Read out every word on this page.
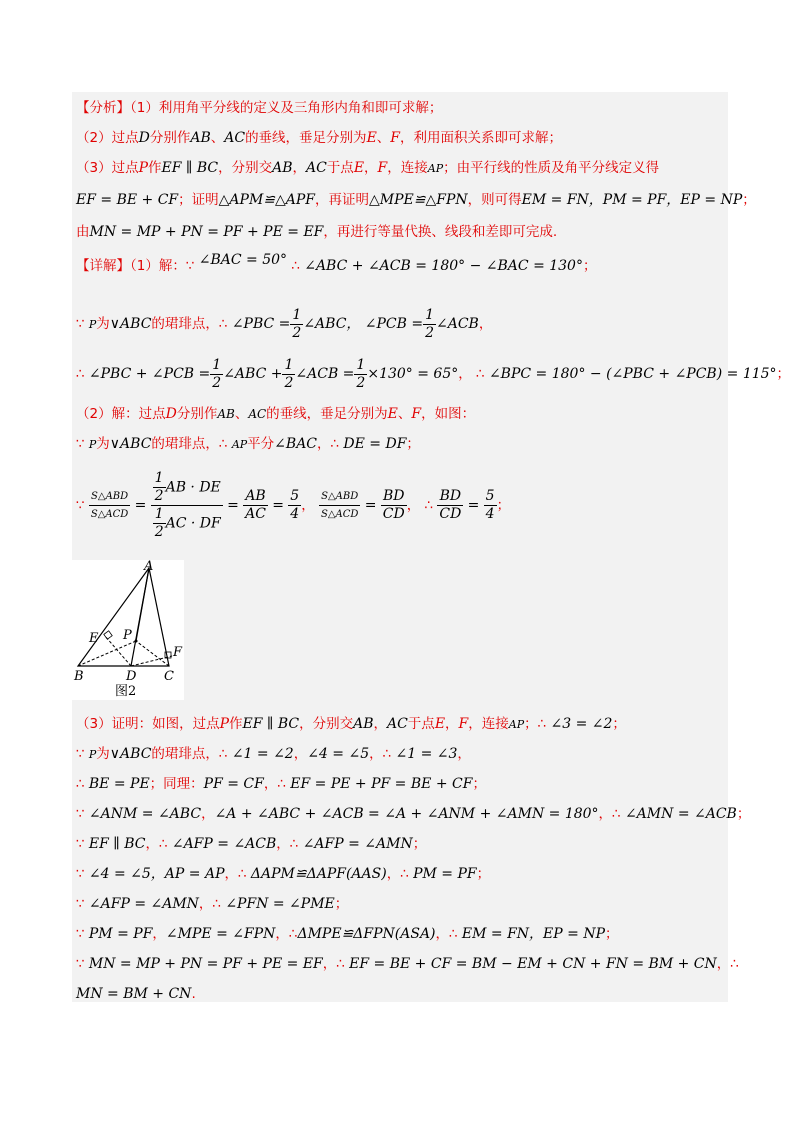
【分析】（1）利用角平分线的定义及三角形内角和即可求解；
（2）过点D分别作AB、AC的垂线，垂足分别为E、F，利用面积关系即可求解；
（3）过点P作EF ∥ BC，分别交AB，AC于点E，F，连接AP；由平行线的性质及角平分线定义得
EF = BE + CF；证明△APM≌△APF，再证明△MPE≌△FPN，则可得EM = FN，PM = PF，EP = NP；
由MN = MP + PN = PF + PE = EF，再进行等量代换、线段和差即可完成.
【详解】（1）解：∵ ∠BAC = 50° ∴ ∠ABC + ∠ACB = 180° − ∠BAC = 130°；
∵ P为∨ABC的珺琲点，∴ ∠PBC = $\frac{1}{2}$ ∠ABC， ∠PCB = $\frac{1}{2}$ ∠ACB，
∴ ∠PBC + ∠PCB = $\frac{1}{2}$ ∠ABC + $\frac{1}{2}$ ∠ACB = $\frac{1}{2} \times 130^\circ = 65^\circ$， ∴ ∠BPC = 180° − (∠PBC + ∠PCB) = 115°；
（2）解：过点D分别作AB、AC的垂线，垂足分别为E、F，如图：
∵ P为∨ABC的珺琲点，∴ AP平分∠BAC，∴ DE = DF；
∵ $\frac{\text{S△ABD}}{\text{S△ACD}} = \frac{\frac{1}{2} AB \cdot DE}{\frac{1}{2} AC \cdot DF} = \frac{AB}{AC} = \frac{5}{4}$ ， $\frac{\text{S△ABD}}{\text{S△ACD}} = \frac{BD}{CD}$ ， ∴ $\frac{BD}{CD} = \frac{5}{4}$ ；
A
B	C
D
E
F
P
图2
（3）证明：如图，过点P作EF ∥ BC，分别交AB，AC于点E，F，连接AP；∴ ∠3 = ∠2；
∵ P为∨ABC的珺琲点，∴ ∠1 = ∠2，∠4 = ∠5，∴ ∠1 = ∠3，
∴ BE = PE；同理：PF = CF，∴ EF = PE + PF = BE + CF；
∵ ∠ANM = ∠ABC，∠A + ∠ABC + ∠ACB = ∠A + ∠ANM + ∠AMN = 180°，∴ ∠AMN = ∠ACB；
∵ EF ∥ BC，∴ ∠AFP = ∠ACB，∴ ∠AFP = ∠AMN；
∵ ∠4 = ∠5，AP = AP，∴ ΔAPM≌ΔAPF(AAS)，∴ PM = PF；
∵ ∠AFP = ∠AMN，∴ ∠PFN = ∠PME；
∵ PM = PF，∠MPE = ∠FPN，∴ΔMPE≌ΔFPN(ASA)，∴ EM = FN，EP = NP；
∵ MN = MP + PN = PF + PE = EF，∴ EF = BE + CF = BM − EM + CN + FN = BM + CN，∴
MN = BM + CN.
